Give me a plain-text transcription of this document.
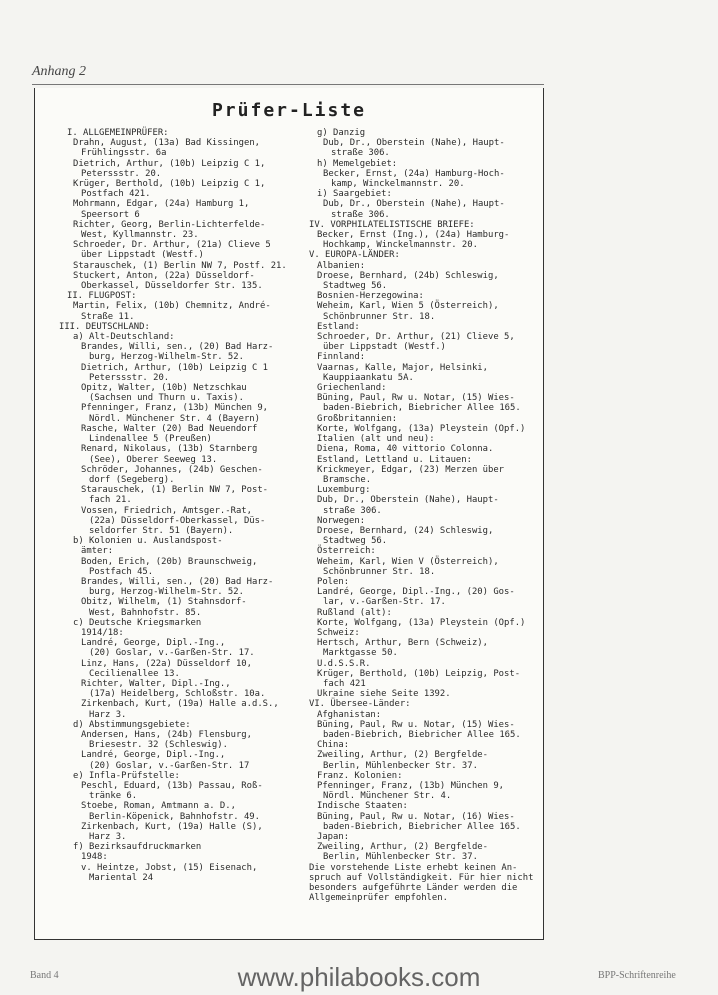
Anhang 2
Prüfer-Liste
I. ALLGEMEINPRÜFER:
Drahn, August, (13a) Bad Kissingen,
Frühlingsstr. 6a
Dietrich, Arthur, (10b) Leipzig C 1,
Peterssstr. 20.
Krüger, Berthold, (10b) Leipzig C 1,
Postfach 421.
Mohrmann, Edgar, (24a) Hamburg 1,
Speersort 6
Richter, Georg, Berlin-Lichterfelde-
West, Kyllmannstr. 23.
Schroeder, Dr. Arthur, (21a) Clieve 5
über Lippstadt (Westf.)
Starauschek, (1) Berlin NW 7, Postf. 21.
Stuckert, Anton, (22a) Düsseldorf-
Oberkassel, Düsseldorfer Str. 135.
II. FLUGPOST:
Martin, Felix, (10b) Chemnitz, André-
Straße 11.
III. DEUTSCHLAND:
a) Alt-Deutschland:
Brandes, Willi, sen., (20) Bad Harz-
burg, Herzog-Wilhelm-Str. 52.
Dietrich, Arthur, (10b) Leipzig C 1
Peterssstr. 20.
Opitz, Walter, (10b) Netzschkau
(Sachsen und Thurn u. Taxis).
Pfenninger, Franz, (13b) München 9,
Nördl. Münchener Str. 4 (Bayern)
Rasche, Walter (20) Bad Neuendorf
Lindenallee 5 (Preußen)
Renard, Nikolaus, (13b) Starnberg
(See), Oberer Seeweg 13.
Schröder, Johannes, (24b) Geschen-
dorf (Segeberg).
Starauschek, (1) Berlin NW 7, Post-
fach 21.
Vossen, Friedrich, Amtsger.-Rat,
(22a) Düsseldorf-Oberkassel, Düs-
seldorfer Str. 51 (Bayern).
b) Kolonien u. Auslandspost-
ämter:
Boden, Erich, (20b) Braunschweig,
Postfach 45.
Brandes, Willi, sen., (20) Bad Harz-
burg, Herzog-Wilhelm-Str. 52.
Obitz, Wilhelm, (1) Stahnsdorf-
West, Bahnhofstr. 85.
c) Deutsche Kriegsmarken
1914/18:
Landré, George, Dipl.-Ing.,
(20) Goslar, v.-Garßen-Str. 17.
Linz, Hans, (22a) Düsseldorf 10,
Cecilienallee 13.
Richter, Walter, Dipl.-Ing.,
(17a) Heidelberg, Schloßstr. 10a.
Zirkenbach, Kurt, (19a) Halle a.d.S.,
Harz 3.
d) Abstimmungsgebiete:
Andersen, Hans, (24b) Flensburg,
Briesestr. 32 (Schleswig).
Landré, George, Dipl.-Ing.,
(20) Goslar, v.-Garßen-Str. 17
e) Infla-Prüfstelle:
Peschl, Eduard, (13b) Passau, Roß-
tränke 6.
Stoebe, Roman, Amtmann a. D.,
Berlin-Köpenick, Bahnhofstr. 49.
Zirkenbach, Kurt, (19a) Halle (S),
Harz 3.
f) Bezirksaufdruckmarken
1948:
v. Heintze, Jobst, (15) Eisenach,
Mariental 24
g) Danzig
Dub, Dr., Oberstein (Nahe), Haupt-
straße 306.
h) Memelgebiet:
Becker, Ernst, (24a) Hamburg-Hoch-
kamp, Winckelmannstr. 20.
i) Saargebiet:
Dub, Dr., Oberstein (Nahe), Haupt-
straße 306.
IV. VORPHILATELISTISCHE BRIEFE:
Becker, Ernst (Ing.), (24a) Hamburg-
Hochkamp, Winckelmannstr. 20.
V. EUROPA-LÄNDER:
Albanien:
Droese, Bernhard, (24b) Schleswig,
Stadtweg 56.
Bosnien-Herzegowina:
Weheim, Karl, Wien 5 (Österreich),
Schönbrunner Str. 18.
Estland:
Schroeder, Dr. Arthur, (21) Clieve 5,
über Lippstadt (Westf.)
Finnland:
Vaarnas, Kalle, Major, Helsinki,
Kauppiaankatu 5A.
Griechenland:
Büning, Paul, Rw u. Notar, (15) Wies-
baden-Biebrich, Biebricher Allee 165.
Großbritannien:
Korte, Wolfgang, (13a) Pleystein (Opf.)
Italien (alt und neu):
Diena, Roma, 40 vittorio Colonna.
Estland, Lettland u. Litauen:
Krickmeyer, Edgar, (23) Merzen über
Bramsche.
Luxemburg:
Dub, Dr., Oberstein (Nahe), Haupt-
straße 306.
Norwegen:
Droese, Bernhard, (24) Schleswig,
Stadtweg 56.
Österreich:
Weheim, Karl, Wien V (Österreich),
Schönbrunner Str. 18.
Polen:
Landré, George, Dipl.-Ing., (20) Gos-
lar, v.-Garßen-Str. 17.
Rußland (alt):
Korte, Wolfgang, (13a) Pleystein (Opf.)
Schweiz:
Hertsch, Arthur, Bern (Schweiz),
Marktgasse 50.
U.d.S.S.R.
Krüger, Berthold, (10b) Leipzig, Post-
fach 421
Ukraine siehe Seite 1392.
VI. Übersee-Länder:
Afghanistan:
Büning, Paul, Rw u. Notar, (15) Wies-
baden-Biebrich, Biebricher Allee 165.
China:
Zweiling, Arthur, (2) Bergfelde-
Berlin, Mühlenbecker Str. 37.
Franz. Kolonien:
Pfenninger, Franz, (13b) München 9,
Nördl. Münchener Str. 4.
Indische Staaten:
Büning, Paul, Rw u. Notar, (16) Wies-
baden-Biebrich, Biebricher Allee 165.
Japan:
Zweiling, Arthur, (2) Bergfelde-
Berlin, Mühlenbecker Str. 37.
Die vorstehende Liste erhebt keinen An-
spruch auf Vollständigkeit. Für hier nicht
besonders aufgeführte Länder werden die
Allgemeinprüfer empfohlen.
Band 4	www.philabooks.com	BPP-Schriftenreihe
